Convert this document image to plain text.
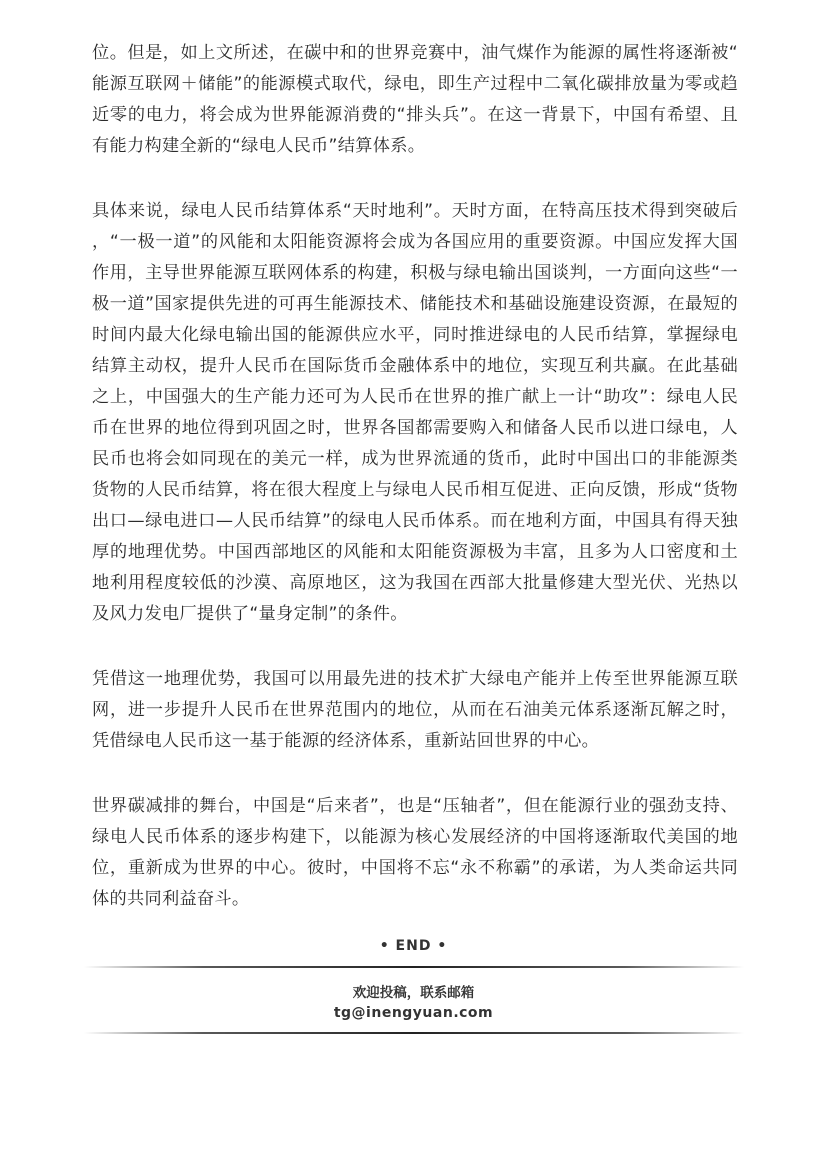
位。但是，如上文所述，在碳中和的世界竞赛中，油气煤作为能源的属性将逐渐被“能源互联网＋储能”的能源模式取代，绿电，即生产过程中二氧化碳排放量为零或趋近零的电力，将会成为世界能源消费的“排头兵”。在这一背景下，中国有希望、且有能力构建全新的“绿电人民币”结算体系。

具体来说，绿电人民币结算体系“天时地利”。天时方面，在特高压技术得到突破后，“一极一道”的风能和太阳能资源将会成为各国应用的重要资源。中国应发挥大国作用，主导世界能源互联网体系的构建，积极与绿电输出国谈判，一方面向这些“一极一道”国家提供先进的可再生能源技术、储能技术和基础设施建设资源，在最短的时间内最大化绿电输出国的能源供应水平，同时推进绿电的人民币结算，掌握绿电结算主动权，提升人民币在国际货币金融体系中的地位，实现互利共赢。在此基础之上，中国强大的生产能力还可为人民币在世界的推广献上一计“助攻”：绿电人民币在世界的地位得到巩固之时，世界各国都需要购入和储备人民币以进口绿电，人民币也将会如同现在的美元一样，成为世界流通的货币，此时中国出口的非能源类货物的人民币结算，将在很大程度上与绿电人民币相互促进、正向反馈，形成“货物出口—绿电进口—人民币结算”的绿电人民币体系。而在地利方面，中国具有得天独厚的地理优势。中国西部地区的风能和太阳能资源极为丰富，且多为人口密度和土地利用程度较低的沙漠、高原地区，这为我国在西部大批量修建大型光伏、光热以及风力发电厂提供了“量身定制”的条件。

凭借这一地理优势，我国可以用最先进的技术扩大绿电产能并上传至世界能源互联网，进一步提升人民币在世界范围内的地位，从而在石油美元体系逐渐瓦解之时，凭借绿电人民币这一基于能源的经济体系，重新站回世界的中心。

世界碳减排的舞台，中国是“后来者”，也是“压轴者”，但在能源行业的强劲支持、绿电人民币体系的逐步构建下，以能源为核心发展经济的中国将逐渐取代美国的地位，重新成为世界的中心。彼时，中国将不忘“永不称霸”的承诺，为人类命运共同体的共同利益奋斗。

• END •
欢迎投稿，联系邮箱
tg@inengyuan.com
